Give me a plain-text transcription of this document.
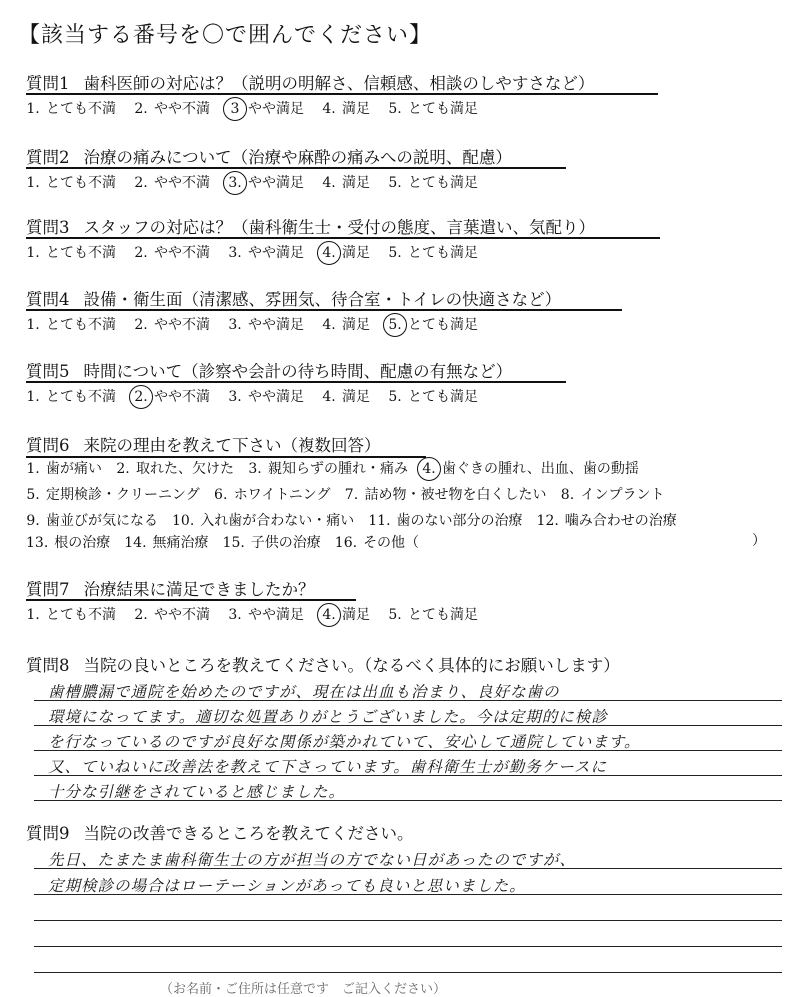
【該当する番号を〇で囲んでください】
質問1 歯科医師の対応は？（説明の明解さ、信頼感、相談のしやすさなど）
1. とても不満 2. やや不満 3 やや満足 4. 満足 5. とても満足
質問2 治療の痛みについて（治療や麻酔の痛みへの説明、配慮）
1. とても不満 2. やや不満 3. やや満足 4. 満足 5. とても満足
質問3 スタッフの対応は？（歯科衛生士・受付の態度、言葉遣い、気配り）
1. とても不満 2. やや不満 3. やや満足 4. 満足 5. とても満足
質問4 設備・衛生面（清潔感、雰囲気、待合室・トイレの快適さなど）
1. とても不満 2. やや不満 3. やや満足 4. 満足 5. とても満足
質問5 時間について（診察や会計の待ち時間、配慮の有無など）
1. とても不満 2. やや不満 3. やや満足 4. 満足 5. とても満足
質問6 来院の理由を教えて下さい（複数回答）
1. 歯が痛い 2. 取れた、欠けた 3. 親知らずの腫れ・痛み 4. 歯ぐきの腫れ、出血、歯の動揺
5. 定期検診・クリーニング 6. ホワイトニング 7. 詰め物・被せ物を白くしたい 8. インプラント
9. 歯並びが気になる 10. 入れ歯が合わない・痛い 11. 歯のない部分の治療 12. 噛み合わせの治療
13. 根の治療 14. 無痛治療 15. 子供の治療 16. その他（	）
質問7 治療結果に満足できましたか？
1. とても不満 2. やや不満 3. やや満足 4. 満足 5. とても満足
質問8 当院の良いところを教えてください。（なるべく具体的にお願いします）
歯槽膿漏で通院を始めたのですが、現在は出血も治まり、良好な歯の
環境になってます。適切な処置ありがとうございました。今は定期的に検診
を行なっているのですが良好な関係が築かれていて、安心して通院しています。
又、ていねいに改善法を教えて下さっています。歯科衛生士が勤务ケースに
十分な引継をされていると感じました。
質問9 当院の改善できるところを教えてください。
先日、たまたま歯科衛生士の方が担当の方でない日があったのですが、
定期検診の場合はローテーションがあっても良いと思いました。
（お名前・ご住所は任意です　ご記入ください）
